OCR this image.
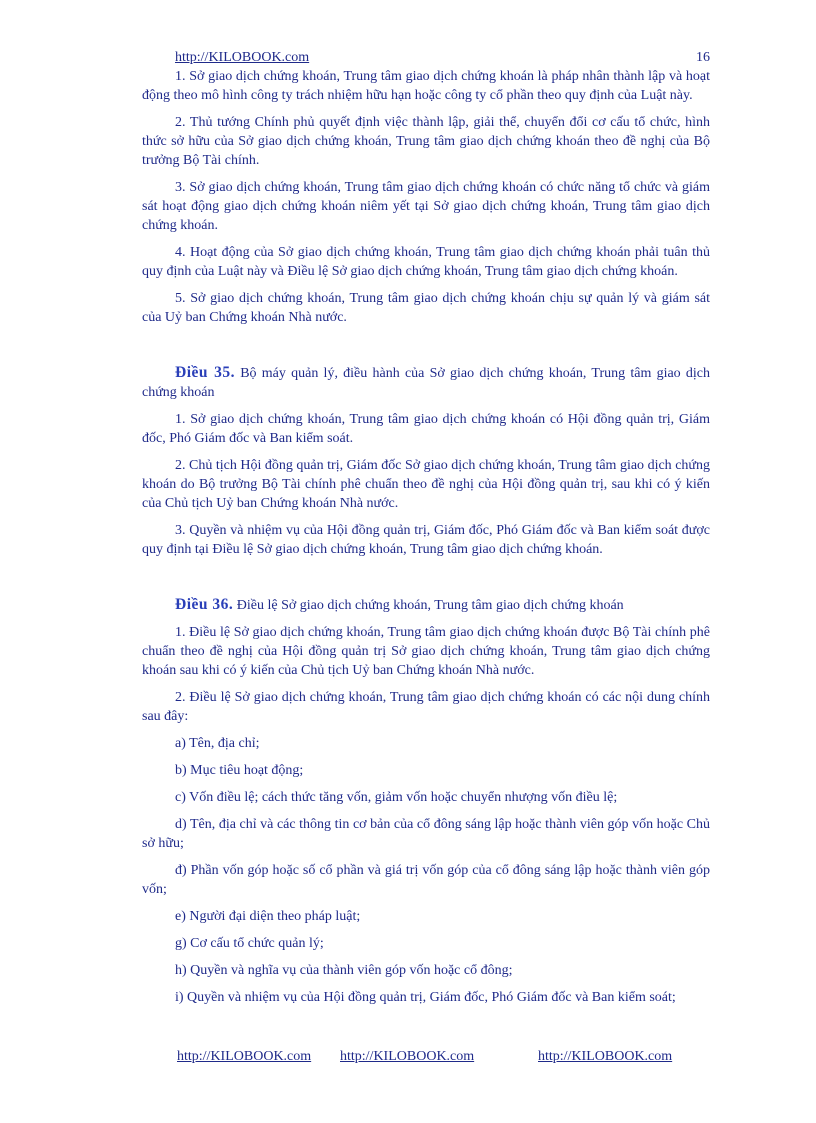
http://KILOBOOK.com	16

1. Sở giao dịch chứng khoán, Trung tâm giao dịch chứng khoán là pháp nhân thành lập và hoạt động theo mô hình công ty trách nhiệm hữu hạn hoặc công ty cổ phần theo quy định của Luật này.

2. Thủ tướng Chính phủ quyết định việc thành lập, giải thể, chuyển đổi cơ cấu tổ chức, hình thức sở hữu của Sở giao dịch chứng khoán, Trung tâm giao dịch chứng khoán theo đề nghị của Bộ trưởng Bộ Tài chính.

3. Sở giao dịch chứng khoán, Trung tâm giao dịch chứng khoán có chức năng tổ chức và giám sát hoạt động giao dịch chứng khoán niêm yết tại Sở giao dịch chứng khoán, Trung tâm giao dịch chứng khoán.

4. Hoạt động của Sở giao dịch chứng khoán, Trung tâm giao dịch chứng khoán phải tuân thủ quy định của Luật này và Điều lệ Sở giao dịch chứng khoán, Trung tâm giao dịch chứng khoán.

5. Sở giao dịch chứng khoán, Trung tâm giao dịch chứng khoán chịu sự quản lý và giám sát của Uỷ ban Chứng khoán Nhà nước.

Điều 35. Bộ máy quản lý, điều hành của Sở giao dịch chứng khoán, Trung tâm giao dịch chứng khoán

1. Sở giao dịch chứng khoán, Trung tâm giao dịch chứng khoán có Hội đồng quản trị, Giám đốc, Phó Giám đốc và Ban kiểm soát.

2. Chủ tịch Hội đồng quản trị, Giám đốc Sở giao dịch chứng khoán, Trung tâm giao dịch chứng khoán do Bộ trưởng Bộ Tài chính phê chuẩn theo đề nghị của Hội đồng quản trị, sau khi có ý kiến của Chủ tịch Uỷ ban Chứng khoán Nhà nước.

3. Quyền và nhiệm vụ của Hội đồng quản trị, Giám đốc, Phó Giám đốc và Ban kiểm soát được quy định tại Điều lệ Sở giao dịch chứng khoán, Trung tâm giao dịch chứng khoán.

Điều 36. Điều lệ Sở giao dịch chứng khoán, Trung tâm giao dịch chứng khoán

1. Điều lệ Sở giao dịch chứng khoán, Trung tâm giao dịch chứng khoán được Bộ Tài chính phê chuẩn theo đề nghị của Hội đồng quản trị Sở giao dịch chứng khoán, Trung tâm giao dịch chứng khoán sau khi có ý kiến của Chủ tịch Uỷ ban Chứng khoán Nhà nước.

2. Điều lệ Sở giao dịch chứng khoán, Trung tâm giao dịch chứng khoán có các nội dung chính sau đây:

a) Tên, địa chỉ;

b) Mục tiêu hoạt động;

c) Vốn điều lệ; cách thức tăng vốn, giảm vốn hoặc chuyển nhượng vốn điều lệ;

d) Tên, địa chỉ và các thông tin cơ bản của cổ đông sáng lập hoặc thành viên góp vốn hoặc Chủ sở hữu;

đ) Phần vốn góp hoặc số cổ phần và giá trị vốn góp của cổ đông sáng lập hoặc thành viên góp vốn;

e) Người đại diện theo pháp luật;

g) Cơ cấu tổ chức quản lý;

h) Quyền và nghĩa vụ của thành viên góp vốn hoặc cổ đông;

i) Quyền và nhiệm vụ của Hội đồng quản trị, Giám đốc, Phó Giám đốc và Ban kiểm soát;

http://KILOBOOK.com http://KILOBOOK.com	http://KILOBOOK.com
